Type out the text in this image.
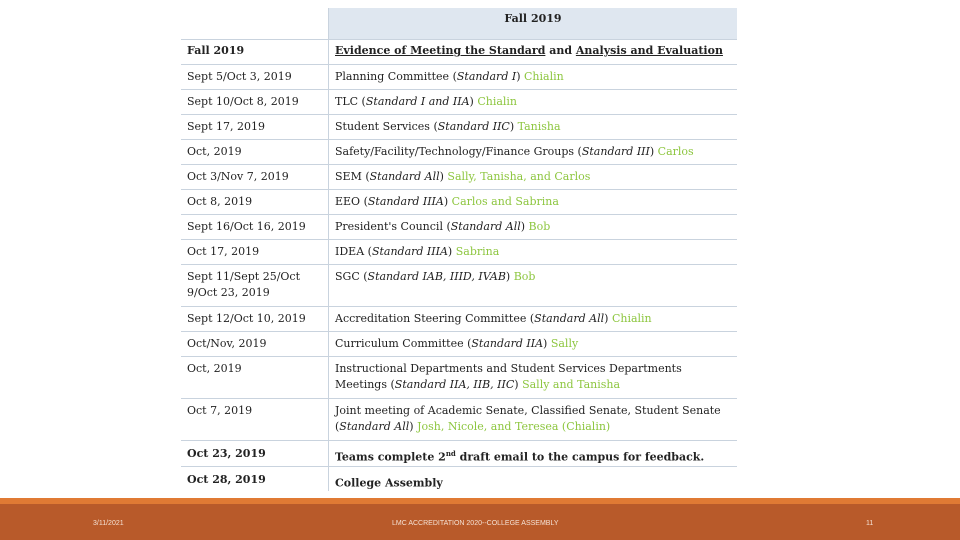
	Fall 2019
Fall 2019	Evidence of Meeting the Standard and Analysis and Evaluation
Sept 5/Oct 3, 2019	Planning Committee (Standard I) Chialin
Sept 10/Oct 8, 2019	TLC (Standard I and IIA) Chialin
Sept 17, 2019	Student Services (Standard IIC) Tanisha
Oct, 2019	Safety/Facility/Technology/Finance Groups (Standard III) Carlos
Oct 3/Nov 7, 2019	SEM (Standard All) Sally, Tanisha, and Carlos
Oct 8, 2019	EEO (Standard IIIA) Carlos and Sabrina
Sept 16/Oct 16, 2019	President's Council (Standard All) Bob
Oct 17, 2019	IDEA (Standard IIIA) Sabrina
Sept 11/Sept 25/Oct 9/Oct 23, 2019	SGC (Standard IAB, IIID, IVAB) Bob
Sept 12/Oct 10, 2019	Accreditation Steering Committee (Standard All) Chialin
Oct/Nov, 2019	Curriculum Committee (Standard IIA) Sally
Oct, 2019	Instructional Departments and Student Services Departments Meetings (Standard IIA, IIB, IIC) Sally and Tanisha
Oct 7, 2019	Joint meeting of Academic Senate, Classified Senate, Student Senate (Standard All) Josh, Nicole, and Teresea (Chialin)
Oct 23, 2019	Teams complete 2nd draft email to the campus for feedback.
Oct 28, 2019	College Assembly
3/11/2021	LMC ACCREDITATION 2020--COLLEGE ASSEMBLY	11
